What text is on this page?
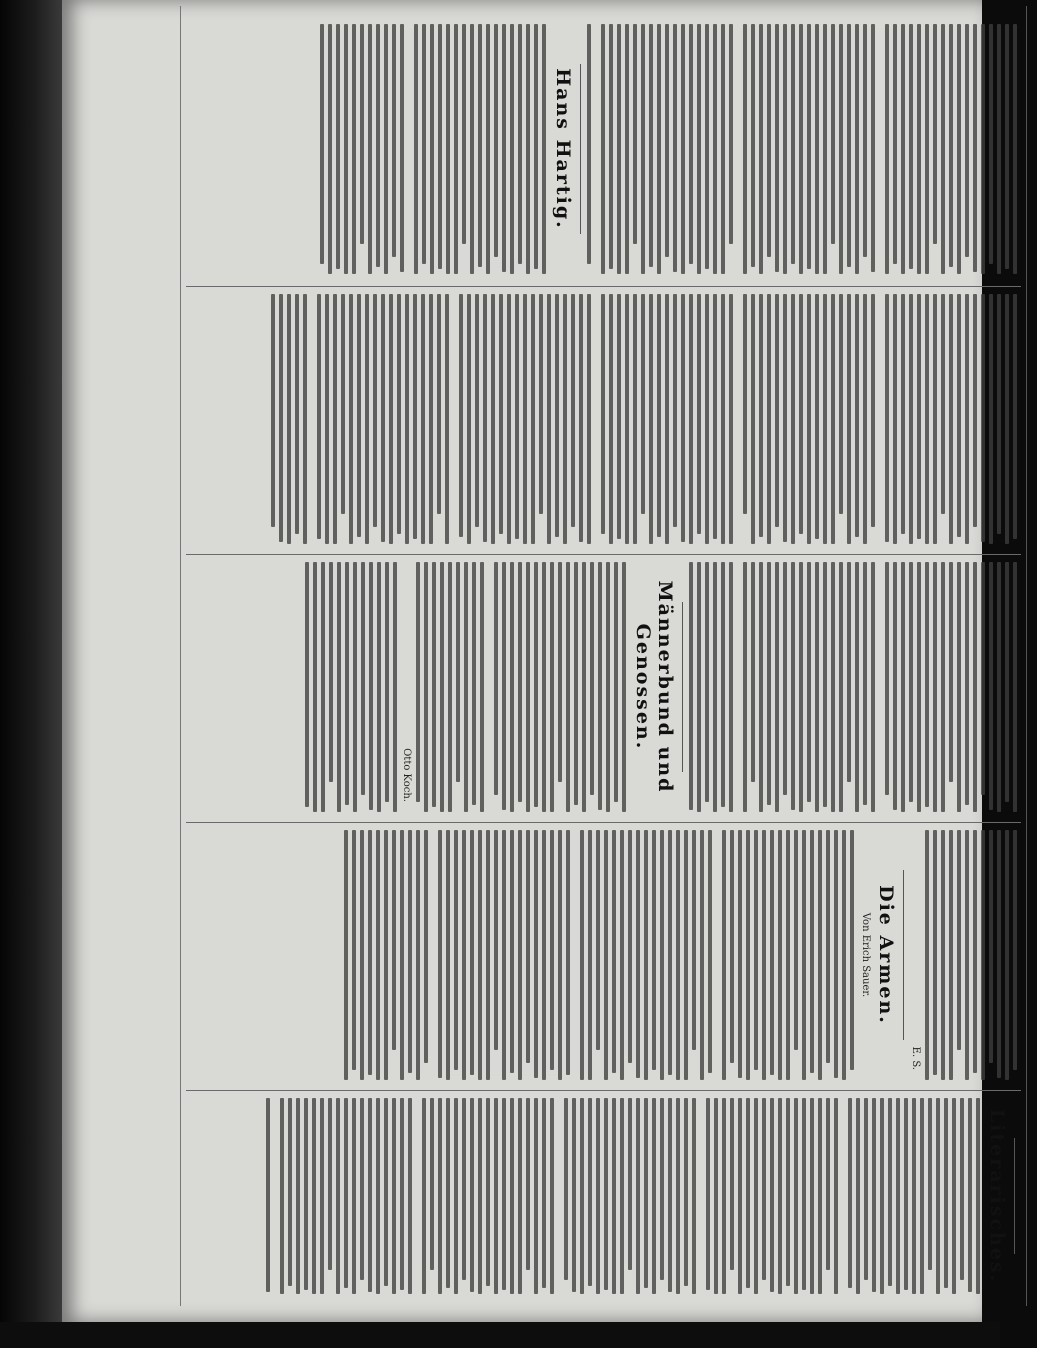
Hans Hartig.
Männerbund und Genossen.
Otto Koch.
E. S.
Die Armen.
Von Erich Sauer.
Literarisches.
